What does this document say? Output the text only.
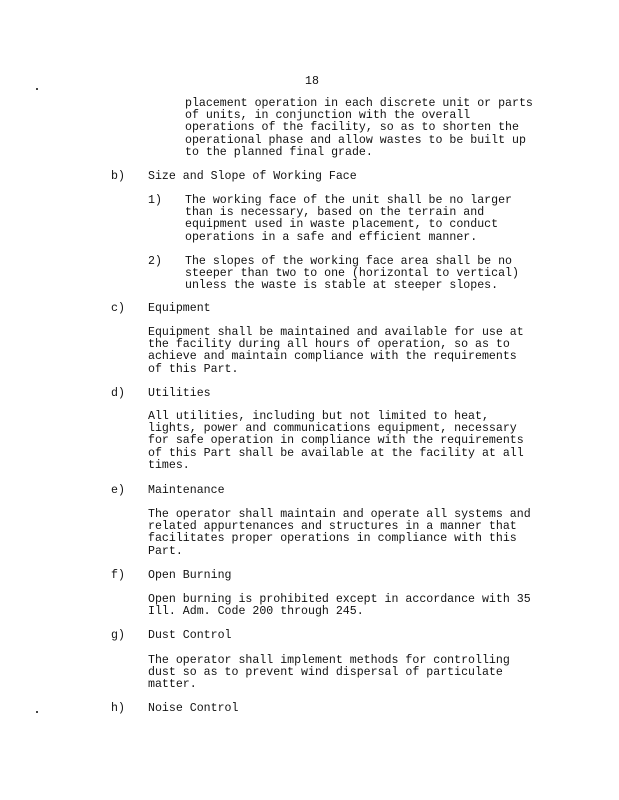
18
placement operation in each discrete unit or parts
of units, in conjunction with the overall
operations of the facility, so as to shorten the
operational phase and allow wastes to be built up
to the planned final grade.
b) Size and Slope of Working Face
1) The working face of the unit shall be no larger
than is necessary, based on the terrain and
equipment used in waste placement, to conduct
operations in a safe and efficient manner.
2) The slopes of the working face area shall be no
steeper than two to one (horizontal to vertical)
unless the waste is stable at steeper slopes.
c) Equipment
Equipment shall be maintained and available for use at
the facility during all hours of operation, so as to
achieve and maintain compliance with the requirements
of this Part.
d) Utilities
All utilities, including but not limited to heat,
lights, power and communications equipment, necessary
for safe operation in compliance with the requirements
of this Part shall be available at the facility at all
times.
e) Maintenance
The operator shall maintain and operate all systems and
related appurtenances and structures in a manner that
facilitates proper operations in compliance with this
Part.
f) Open Burning
Open burning is prohibited except in accordance with 35
Ill. Adm. Code 200 through 245.
g) Dust Control
The operator shall implement methods for controlling
dust so as to prevent wind dispersal of particulate
matter.
h) Noise Control
